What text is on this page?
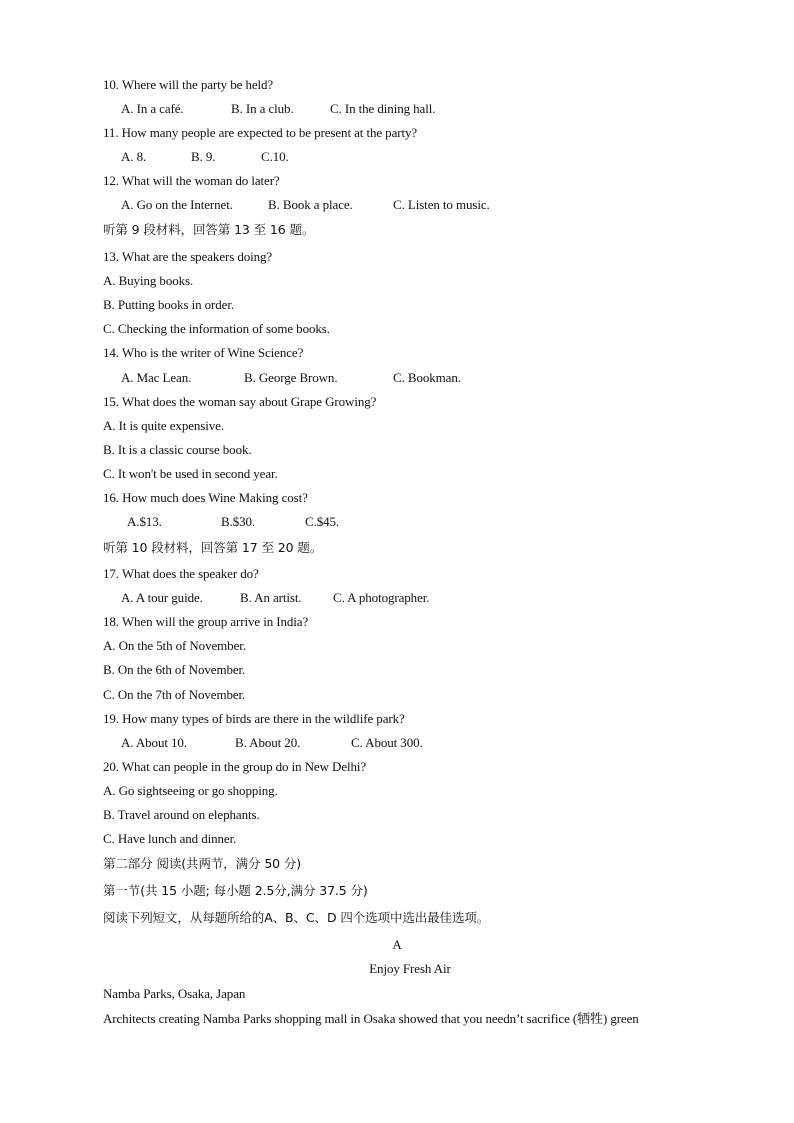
10. Where will the party be held?
A. In a café.	B. In a club.	C. In the dining hall.
11. How many people are expected to be present at the party?
A. 8.	B. 9.	C.10.
12. What will the woman do later?
A. Go on the Internet.	B. Book a place.	C. Listen to music.
听第 9 段材料，回答第 13 至 16 题。
13. What are the speakers doing?
A. Buying books.
B. Putting books in order.
C. Checking the information of some books.
14. Who is the writer of Wine Science?
A. Mac Lean.	B. George Brown.	C. Bookman.
15. What does the woman say about Grape Growing?
A. It is quite expensive.
B. It is a classic course book.
C. It won't be used in second year.
16. How much does Wine Making cost?
A.$13.	B.$30.	C.$45.
听第 10 段材料，回答第 17 至 20 题。
17. What does the speaker do?
A. A tour guide.	B. An artist. C. A photographer.
18. When will the group arrive in India?
A. On the 5th of November.
B. On the 6th of November.
C. On the 7th of November.
19. How many types of birds are there in the wildlife park?
A. About 10.	B. About 20.	C. About 300.
20. What can people in the group do in New Delhi?
A. Go sightseeing or go shopping.
B. Travel around on elephants.
C. Have lunch and dinner.
第二部分 阅读(共两节，满分 50 分)
第一节(共 15 小题; 每小题 2.5分,满分 37.5 分)
阅读下列短文，从每题所给的A、B、C、D 四个选项中选出最佳选项。
A
Enjoy Fresh Air
Namba Parks, Osaka, Japan
Architects creating Namba Parks shopping mall in Osaka showed that you needn’t sacrifice (牺牲) green
